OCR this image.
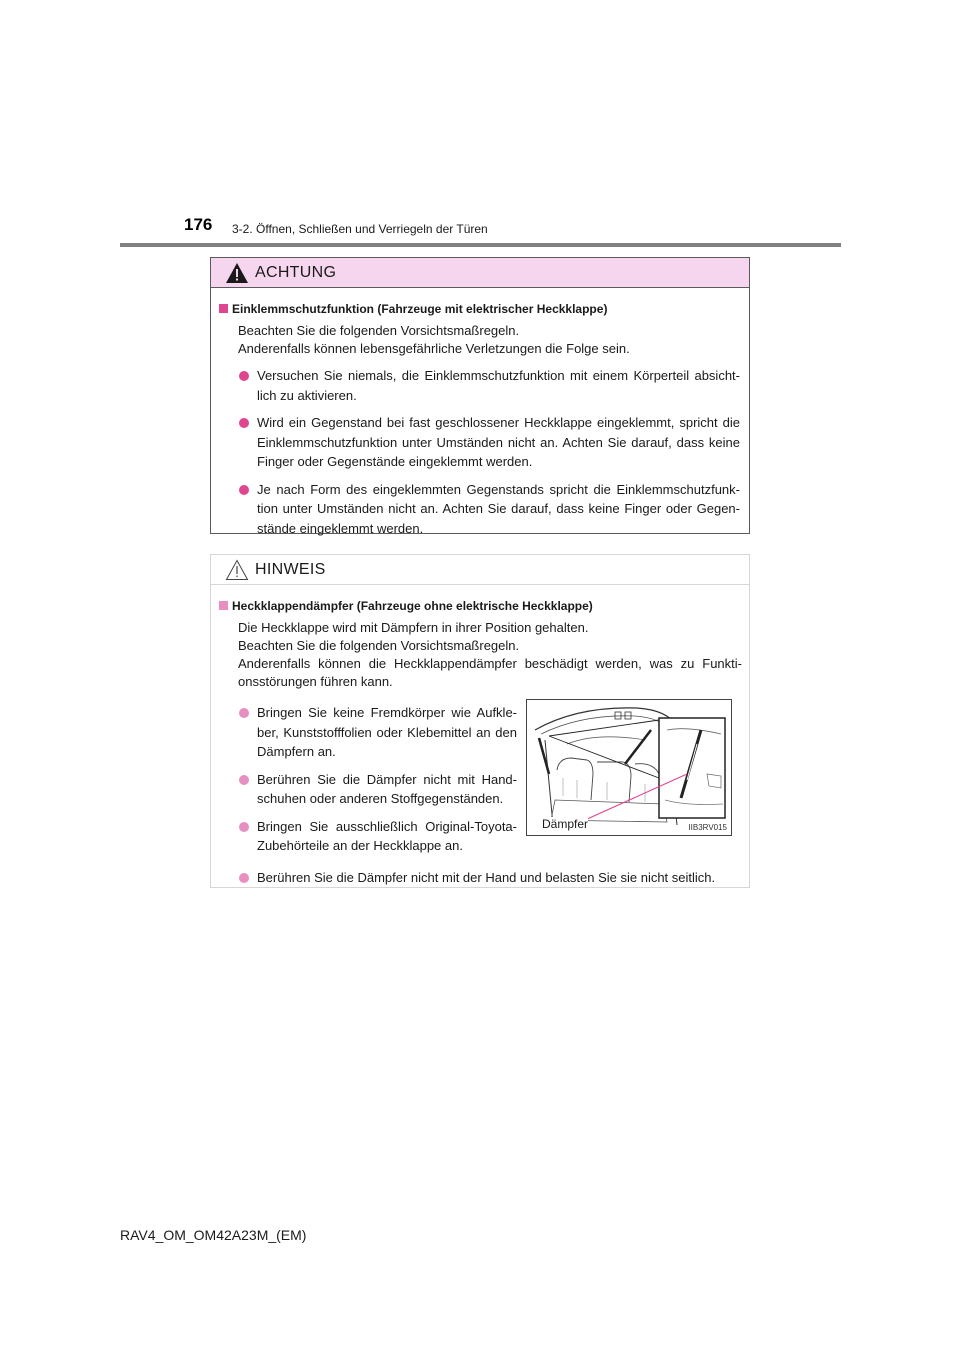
176 3-2. Öffnen, Schließen und Verriegeln der Türen
ACHTUNG
Einklemmschutzfunktion (Fahrzeuge mit elektrischer Heckklappe)
Beachten Sie die folgenden Vorsichtsmaßregeln.
Anderenfalls können lebensgefährliche Verletzungen die Folge sein.
Versuchen Sie niemals, die Einklemmschutzfunktion mit einem Körperteil absicht-lich zu aktivieren.
Wird ein Gegenstand bei fast geschlossener Heckklappe eingeklemmt, spricht die Einklemmschutzfunktion unter Umständen nicht an. Achten Sie darauf, dass keine Finger oder Gegenstände eingeklemmt werden.
Je nach Form des eingeklemmten Gegenstands spricht die Einklemmschutzfunk-tion unter Umständen nicht an. Achten Sie darauf, dass keine Finger oder Gegen-stände eingeklemmt werden.
HINWEIS
Heckklappendämpfer (Fahrzeuge ohne elektrische Heckklappe)
Die Heckklappe wird mit Dämpfern in ihrer Position gehalten.
Beachten Sie die folgenden Vorsichtsmaßregeln.
Anderenfalls können die Heckklappendämpfer beschädigt werden, was zu Funkti-onsstörungen führen kann.
Bringen Sie keine Fremdkörper wie Aufkle-ber, Kunststofffolien oder Klebemittel an den Dämpfern an.
Berühren Sie die Dämpfer nicht mit Hand-schuhen oder anderen Stoffgegenständen.
Bringen Sie ausschließlich Original-Toyota-Zubehörteile an der Heckklappe an.
Dämpfer	IIB3RV015
Berühren Sie die Dämpfer nicht mit der Hand und belasten Sie sie nicht seitlich.
RAV4_OM_OM42A23M_(EM)
